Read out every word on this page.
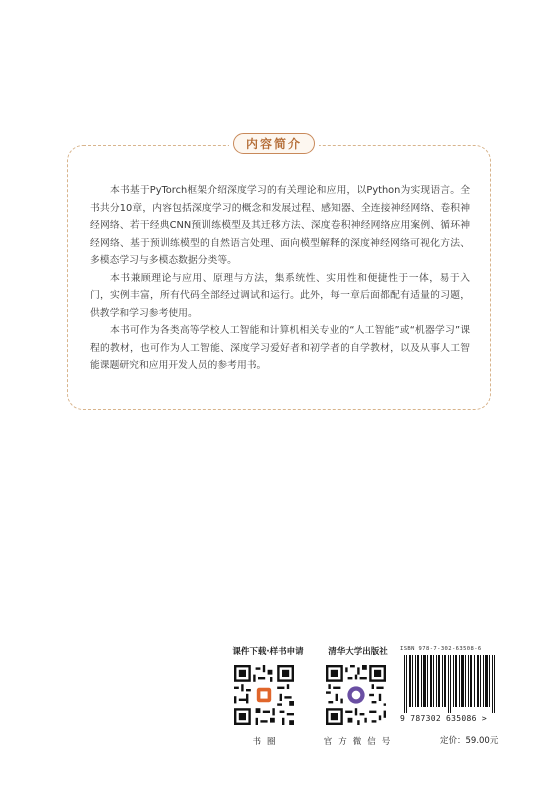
内容简介

本书基于PyTorch框架介绍深度学习的有关理论和应用，以Python为实现语言。全书共分10章，内容包括深度学习的概念和发展过程、感知器、全连接神经网络、卷积神经网络、若干经典CNN预训练模型及其迁移方法、深度卷积神经网络应用案例、循环神经网络、基于预训练模型的自然语言处理、面向模型解释的深度神经网络可视化方法、多模态学习与多模态数据分类等。

本书兼顾理论与应用、原理与方法，集系统性、实用性和便捷性于一体，易于入门，实例丰富，所有代码全部经过调试和运行。此外，每一章后面都配有适量的习题，供教学和学习参考使用。

本书可作为各类高等学校人工智能和计算机相关专业的“人工智能”或“机器学习”课程的教材，也可作为人工智能、深度学习爱好者和初学者的自学教材，以及从事人工智能课题研究和应用开发人员的参考用书。

课件下载·样书申请
书圈
清华大学出版社
官方微信号
ISBN 978-7-302-63508-6
9 787302 635086 >
定价：59.00元
